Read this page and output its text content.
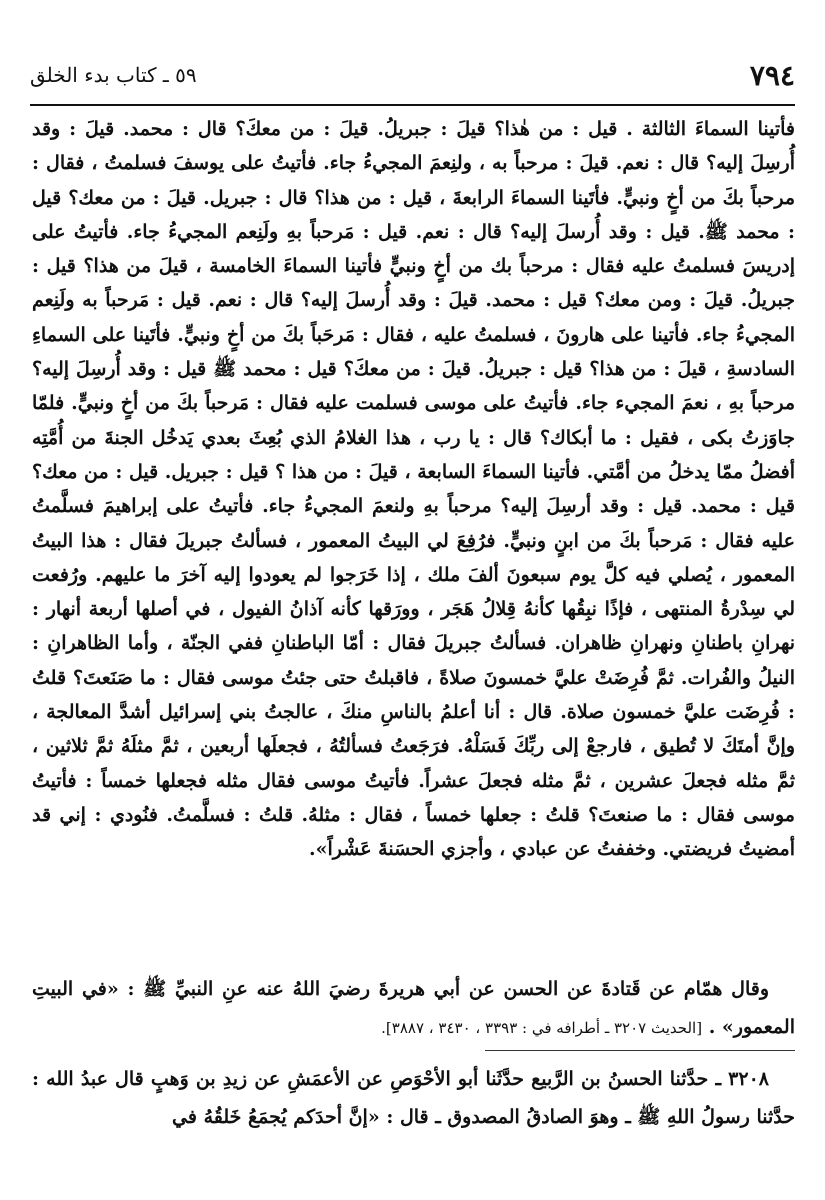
٧٩٤
٥٩ ـ كتاب بدء الخلق

فأتينا السماءَ الثالثة . قيل : من هٰذا؟ قيلَ : جبريلُ. قيلَ : من معكَ؟ قال : محمد. قيلَ : وقد أُرسِلَ إليه؟ قال : نعم. قيلَ : مرحباً به ، ولنِعمَ المجيءُ جاء. فأتيتُ على يوسفَ فسلمتُ ، فقال : مرحباً بكَ من أخٍ ونبيٍّ. فأتَينا السماءَ الرابعةَ ، قيل : من هذا؟ قال : جبريل. قيلَ : من معك؟ قيل : محمد ﷺ. قيل : وقد أُرسلَ إليه؟ قال : نعم. قيل : مَرحباً بهِ ولَنِعم المجيءُ جاء. فأتيتُ على إدريسَ فسلمتُ عليه فقال : مرحباً بك من أخٍ ونبيٍّ فأتينا السماءَ الخامسة ، قيلَ من هذا؟ قيل : جبريلُ. قيلَ : ومن معك؟ قيل : محمد. قيلَ : وقد أُرسلَ إليه؟ قال : نعم. قيل : مَرحباً به ولَنِعم المجيءُ جاء. فأتينا على هارونَ ، فسلمتُ عليه ، فقال : مَرحَباً بكَ من أخٍ ونبيٍّ. فأتَينا على السماءِ السادسةِ ، قيلَ : من هذا؟ قيل : جبريلُ. قيلَ : من معكَ؟ قيل : محمد ﷺ قيل : وقد أُرسِلَ إليه؟ مرحباً بهِ ، نعمَ المجيء جاء. فأتيتُ على موسى فسلمت عليه فقال : مَرحباً بكَ من أخٍ ونبيٍّ. فلمّا جاوَزتُ بكى ، فقيل : ما أبكاك؟ قال : يا رب ، هذا الغلامُ الذي بُعِثَ بعدي يَدخُل الجنةَ من أُمَّتِه أفضلُ ممّا يدخلُ من أمَّتي. فأتينا السماءَ السابعة ، قيلَ : من هذا ؟ قيل : جبريل. قيل : من معك؟ قيل : محمد. قيل : وقد أرسِلَ إليه؟ مرحباً بهِ ولنعمَ المجيءُ جاء. فأتيتُ على إبراهيمَ فسلَّمتُ عليه فقال : مَرحباً بكَ من ابنٍ ونبيٍّ. فرُفِعَ لي البيتُ المعمور ، فسألتُ جبريلَ فقال : هذا البيتُ المعمور ، يُصلي فيه كلَّ يوم سبعونَ ألفَ ملك ، إذا خَرَجوا لم يعودوا إليه آخرَ ما عليهم. ورُفعت لي سِدْرةُ المنتهى ، فإذًا نبِقُها كأنهُ قِلالُ هَجَر ، وورَقها كأنه آذانُ الفيول ، في أصلها أربعة أنهار : نهرانِ باطنانِ ونهرانِ ظاهران. فسألتُ جبريلَ فقال : أمّا الباطنانِ ففي الجنّة ، وأما الظاهرانِ : النيلُ والفُرات. ثمَّ فُرِضَتْ عليَّ خمسونَ صلاةً ، فاقبلتُ حتى جئتُ موسى فقال : ما صَنَعتَ؟ قلتُ : فُرِضَت عليَّ خمسون صلاة. قال : أنا أعلمُ بالناسِ منكَ ، عالجتُ بني إسرائيل أشدَّ المعالجة ، وإنَّ أمتَكَ لا تُطيق ، فارجعْ إلى ربِّكَ فَسَلْهُ. فرَجَعتُ فسألتُهُ ، فجعلَها أربعين ، ثمَّ مثلَهُ ثمَّ ثلاثين ، ثمَّ مثله فجعلَ عشرين ، ثمَّ مثله فجعلَ عشراً. فأتيتُ موسى فقال مثله فجعلها خمساً : فأتيتُ موسى فقال : ما صنعتَ؟ قلتُ : جعلها خمساً ، فقال : مثلهُ. قلتُ : فسلَّمتُ. فنُودي : إني قد أمضيتُ فريضتي. وخففتُ عن عبادي ، وأجزي الحسَنةَ عَشْراً».

وقال همّام عن قَتادةَ عن الحسن عن أبي هريرةَ رضيَ اللهُ عنه عنِ النبيِّ ﷺ : «في البيتِ المعمور» . [الحديث ٣٢٠٧ ـ أطرافه في : ٣٣٩٣ ، ٣٤٣٠ ، ٣٨٨٧].

٣٢٠٨ ـ حدَّثنا الحسنُ بن الرَّبيع حدَّثَنا أبو الأحْوَصِ عن الأعمَشِ عن زيدِ بن وَهبٍ قال عبدُ الله : حدَّثنا رسولُ اللهِ ﷺ ـ وهوَ الصادقُ المصدوق ـ قال : «إنَّ أحدَكم يُجمَعُ خَلقُهُ في
